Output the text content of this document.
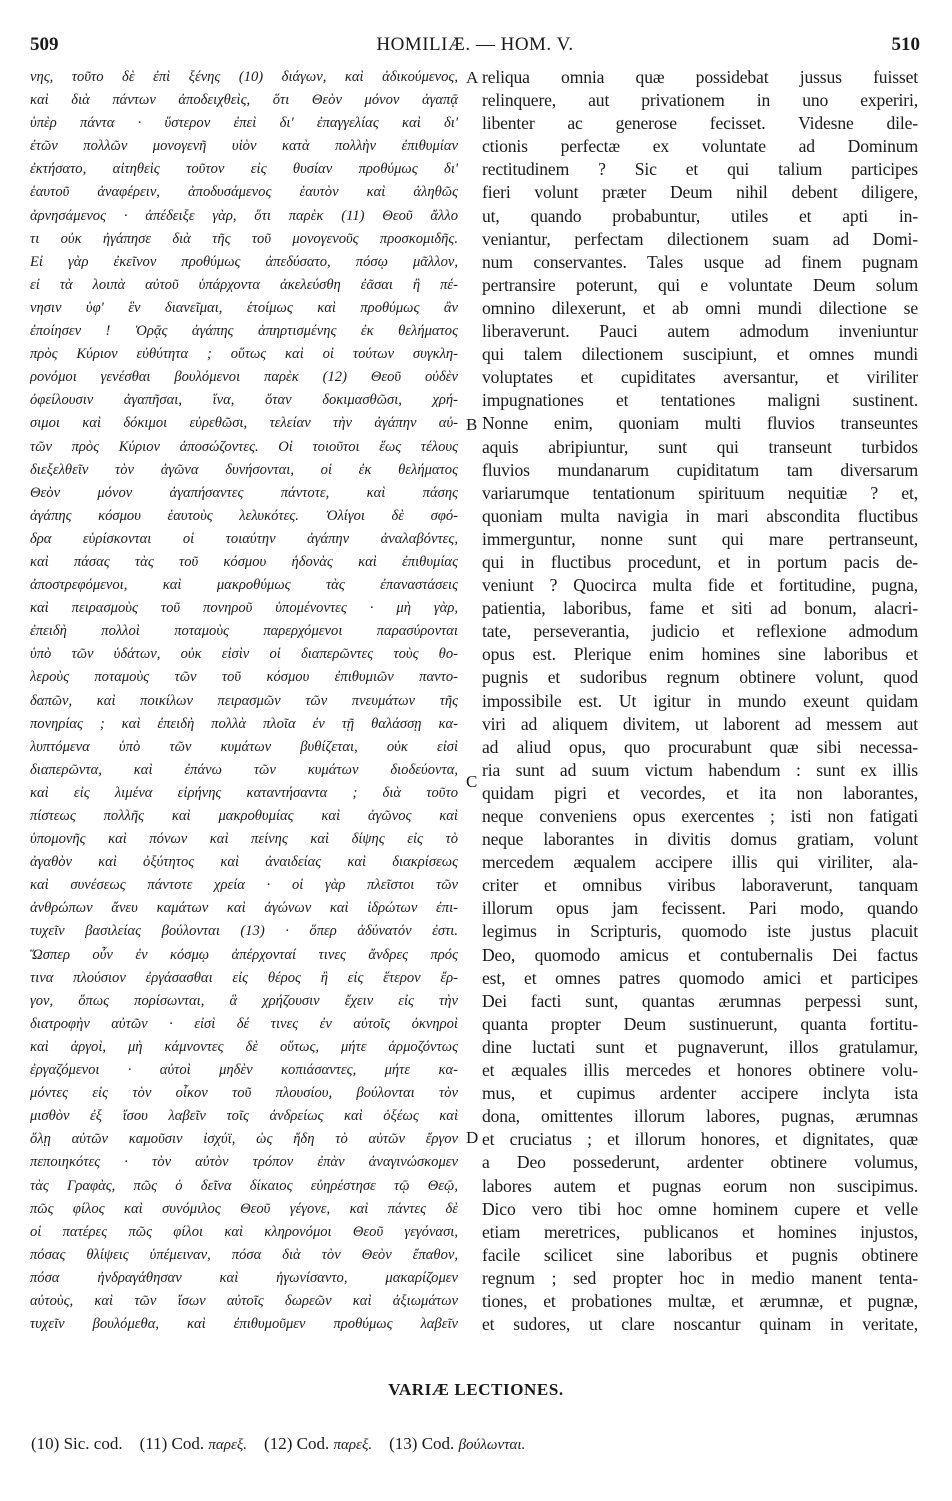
509	HOMILIÆ. — HOM. V.	510
νης, τοῦτο δὲ ἐπὶ ξένης (10) διάγων, καὶ ἀδικούμενος,
καὶ διὰ πάντων ἀποδειχθεὶς, ὅτι Θεὸν μόνον ἀγαπᾷ
ὑπὲρ πάντα · ὕστερον ἐπεὶ δι' ἐπαγγελίας καὶ δι'
ἐτῶν πολλῶν μονογενῆ υἱὸν κατὰ πολλὴν ἐπιθυμίαν
ἐκτήσατο, αἰτηθεὶς τοῦτον εἰς θυσίαν προθύμως δι'
ἑαυτοῦ ἀναφέρειν, ἀποδυσάμενος ἑαυτὸν καὶ ἀληθῶς
ἀρνησάμενος · ἀπέδειξε γὰρ, ὅτι παρὲκ (11) Θεοῦ ἄλλο
τι οὐκ ἠγάπησε διὰ τῆς τοῦ μονογενοῦς προσκομιδῆς.
Εἰ γὰρ ἐκεῖνον προθύμως ἀπεδύσατο, πόσῳ μᾶλλον,
εἰ τὰ λοιπὰ αὐτοῦ ὑπάρχοντα ἀκελεύσθη ἐᾶσαι ἢ πέ-
νησιν ὑφ' ἓν διανεῖμαι, ἑτοίμως καὶ προθύμως ἂν
ἐποίησεν ! Ὁρᾷς ἀγάπης ἀπηρτισμένης ἐκ θελήματος
πρὸς Κύριον εὐθύτητα ; οὕτως καὶ οἱ τούτων συγκλη-
ρονόμοι γενέσθαι βουλόμενοι παρὲκ (12) Θεοῦ οὐδὲν
ὀφείλουσιν ἀγαπῆσαι, ἵνα, ὅταν δοκιμασθῶσι, χρή-
σιμοι καὶ δόκιμοι εὑρεθῶσι, τελείαν τὴν ἀγάπην αὐ-
τῶν πρὸς Κύριον ἀποσώζοντες. Οἱ τοιοῦτοι ἕως τέλους
διεξελθεῖν τὸν ἀγῶνα δυνήσονται, οἱ ἐκ θελήματος
Θεὸν μόνον ἀγαπήσαντες πάντοτε, καὶ πάσης
ἀγάπης κόσμου ἑαυτοὺς λελυκότες. Ὀλίγοι δὲ σφό-
δρα εὑρίσκονται οἱ τοιαύτην ἀγάπην ἀναλαβόντες,
καὶ πάσας τὰς τοῦ κόσμου ἡδονὰς καὶ ἐπιθυμίας
ἀποστρεφόμενοι, καὶ μακροθύμως τὰς ἐπαναστάσεις
καὶ πειρασμοὺς τοῦ πονηροῦ ὑπομένοντες · μὴ γὰρ,
ἐπειδὴ πολλοὶ ποταμοὺς παρερχόμενοι παρασύρονται
ὑπὸ τῶν ὑδάτων, οὐκ εἰσὶν οἱ διαπερῶντες τοὺς θο-
λεροὺς ποταμοὺς τῶν τοῦ κόσμου ἐπιθυμιῶν παντο-
δαπῶν, καὶ ποικίλων πειρασμῶν τῶν πνευμάτων τῆς
πονηρίας ; καὶ ἐπειδὴ πολλὰ πλοῖα ἐν τῇ θαλάσσῃ κα-
λυπτόμενα ὑπὸ τῶν κυμάτων βυθίζεται, οὐκ εἰσὶ
διαπερῶντα, καὶ ἐπάνω τῶν κυμάτων διοδεύοντα,
καὶ εἰς λιμένα εἰρήνης καταντήσαντα ; διὰ τοῦτο
πίστεως πολλῆς καὶ μακροθυμίας καὶ ἀγῶνος καὶ
ὑπομονῆς καὶ πόνων καὶ πείνης καὶ δίψης εἰς τὸ
ἀγαθὸν καὶ ὀξύτητος καὶ ἀναιδείας καὶ διακρίσεως
καὶ συνέσεως πάντοτε χρεία · οἱ γὰρ πλεῖστοι τῶν
ἀνθρώπων ἄνευ καμάτων καὶ ἀγώνων καὶ ἱδρώτων ἐπι-
τυχεῖν βασιλείας βούλονται (13) · ὅπερ ἀδύνατόν ἐστι.
Ὥσπερ οὖν ἐν κόσμῳ ἀπέρχονταί τινες ἄνδρες πρός
τινα πλούσιον ἐργάσασθαι εἰς θέρος ἢ εἰς ἕτερον ἔρ-
γον, ὅπως πορίσωνται, ἃ χρήζουσιν ἔχειν εἰς τὴν
διατροφὴν αὐτῶν · εἰσὶ δέ τινες ἐν αὐτοῖς ὀκνηροὶ
καὶ ἀργοὶ, μὴ κάμνοντες δὲ οὕτως, μήτε ἁρμοζόντως
ἐργαζόμενοι · αὐτοὶ μηδὲν κοπιάσαντες, μήτε κα-
μόντες εἰς τὸν οἶκον τοῦ πλουσίου, βούλονται τὸν
μισθὸν ἐξ ἴσου λαβεῖν τοῖς ἀνδρείως καὶ ὀξέως καὶ
ὅλῃ αὐτῶν καμοῦσιν ἰσχύϊ, ὡς ἤδη τὸ αὐτῶν ἔργον
πεποιηκότες · τὸν αὐτὸν τρόπον ἐπὰν ἀναγινώσκομεν
τὰς Γραφὰς, πῶς ὁ δεῖνα δίκαιος εὐηρέστησε τῷ Θεῷ,
πῶς φίλος καὶ συνόμιλος Θεοῦ γέγονε, καὶ πάντες δὲ
οἱ πατέρες πῶς φίλοι καὶ κληρονόμοι Θεοῦ γεγόνασι,
πόσας θλίψεις ὑπέμειναν, πόσα διὰ τὸν Θεὸν ἔπαθον,
πόσα ἠνδραγάθησαν καὶ ἠγωνίσαντο, μακαρίζομεν
αὐτοὺς, καὶ τῶν ἴσων αὐτοῖς δωρεῶν καὶ ἀξιωμάτων
τυχεῖν βουλόμεθα, καὶ ἐπιθυμοῦμεν προθύμως λαβεῖν
reliqua omnia quæ possidebat jussus fuisset
relinquere, aut privationem in uno experiri,
libenter ac generose fecisset. Videsne dile-
ctionis perfectæ ex voluntate ad Dominum
rectitudinem ? Sic et qui talium participes
fieri volunt præter Deum nihil debent diligere,
ut, quando probabuntur, utiles et apti in-
veniantur, perfectam dilectionem suam ad Domi-
num conservantes. Tales usque ad finem pugnam
pertransire poterunt, qui e voluntate Deum solum
omnino dilexerunt, et ab omni mundi dilectione se
liberaverunt. Pauci autem admodum inveniuntur
qui talem dilectionem suscipiunt, et omnes mundi
voluptates et cupiditates aversantur, et viriliter
impugnationes et tentationes maligni sustinent.
Nonne enim, quoniam multi fluvios transeuntes
aquis abripiuntur, sunt qui transeunt turbidos
fluvios mundanarum cupiditatum tam diversarum
variarumque tentationum spirituum nequitiæ ? et,
quoniam multa navigia in mari abscondita fluctibus
immerguntur, nonne sunt qui mare pertranseunt,
qui in fluctibus procedunt, et in portum pacis de-
veniunt ? Quocirca multa fide et fortitudine, pugna,
patientia, laboribus, fame et siti ad bonum, alacri-
tate, perseverantia, judicio et reflexione admodum
opus est. Plerique enim homines sine laboribus et
pugnis et sudoribus regnum obtinere volunt, quod
impossibile est. Ut igitur in mundo exeunt quidam
viri ad aliquem divitem, ut laborent ad messem aut
ad aliud opus, quo procurabunt quæ sibi necessa-
ria sunt ad suum victum habendum : sunt ex illis
quidam pigri et vecordes, et ita non laborantes,
neque conveniens opus exercentes ; isti non fatigati
neque laborantes in divitis domus gratiam, volunt
mercedem æqualem accipere illis qui viriliter, ala-
criter et omnibus viribus laboraverunt, tanquam
illorum opus jam fecissent. Pari modo, quando
legimus in Scripturis, quomodo iste justus placuit
Deo, quomodo amicus et contubernalis Dei factus
est, et omnes patres quomodo amici et participes
Dei facti sunt, quantas ærumnas perpessi sunt,
quanta propter Deum sustinuerunt, quanta fortitu-
dine luctati sunt et pugnaverunt, illos gratulamur,
et æquales illis mercedes et honores obtinere volu-
mus, et cupimus ardenter accipere inclyta ista
dona, omittentes illorum labores, pugnas, ærumnas
et cruciatus ; et illorum honores, et dignitates, quæ
a Deo possederunt, ardenter obtinere volumus,
labores autem et pugnas eorum non suscipimus.
Dico vero tibi hoc omne hominem cupere et velle
etiam meretrices, publicanos et homines injustos,
facile scilicet sine laboribus et pugnis obtinere
regnum ; sed propter hoc in medio manent tenta-
tiones, et probationes multæ, et ærumnæ, et pugnæ,
et sudores, ut clare noscantur quinam in veritate,
A
B
C
D
VARIÆ LECTIONES.
(10) Sic. cod. (11) Cod. παρεξ. (12) Cod. παρεξ. (13) Cod. βούλωνται.
